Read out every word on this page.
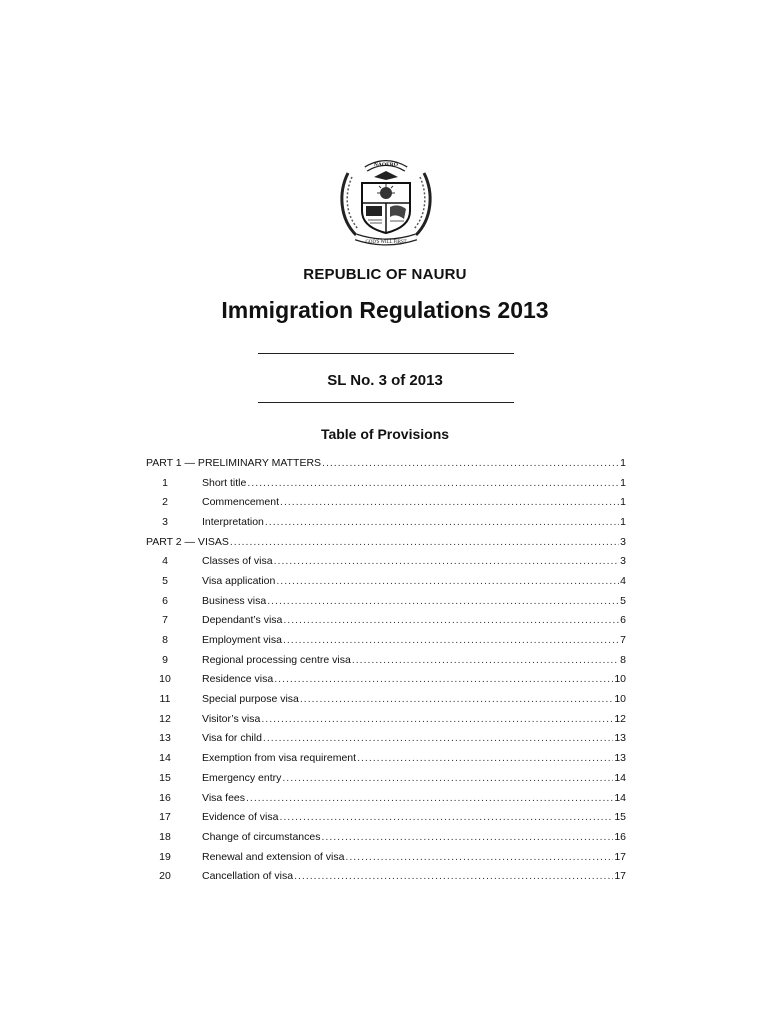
NAOERO
GOD'S WILL FIRST
REPUBLIC OF NAURU
Immigration Regulations 2013
SL No. 3 of 2013
Table of Provisions
PART 1 — PRELIMINARY MATTERS .....	1
1	Short title .....	1
2	Commencement .....	1
3	Interpretation .....	1
PART 2 — VISAS .....	3
4	Classes of visa .....	3
5	Visa application .....	4
6	Business visa .....	5
7	Dependant’s visa .....	6
8	Employment visa .....	7
9	Regional processing centre visa .....	8
10	Residence visa .....	10
11	Special purpose visa .....	10
12	Visitor’s visa .....	12
13	Visa for child .....	13
14	Exemption from visa requirement .....	13
15	Emergency entry .....	14
16	Visa fees .....	14
17	Evidence of visa .....	15
18	Change of circumstances .....	16
19	Renewal and extension of visa .....	17
20	Cancellation of visa .....	17
